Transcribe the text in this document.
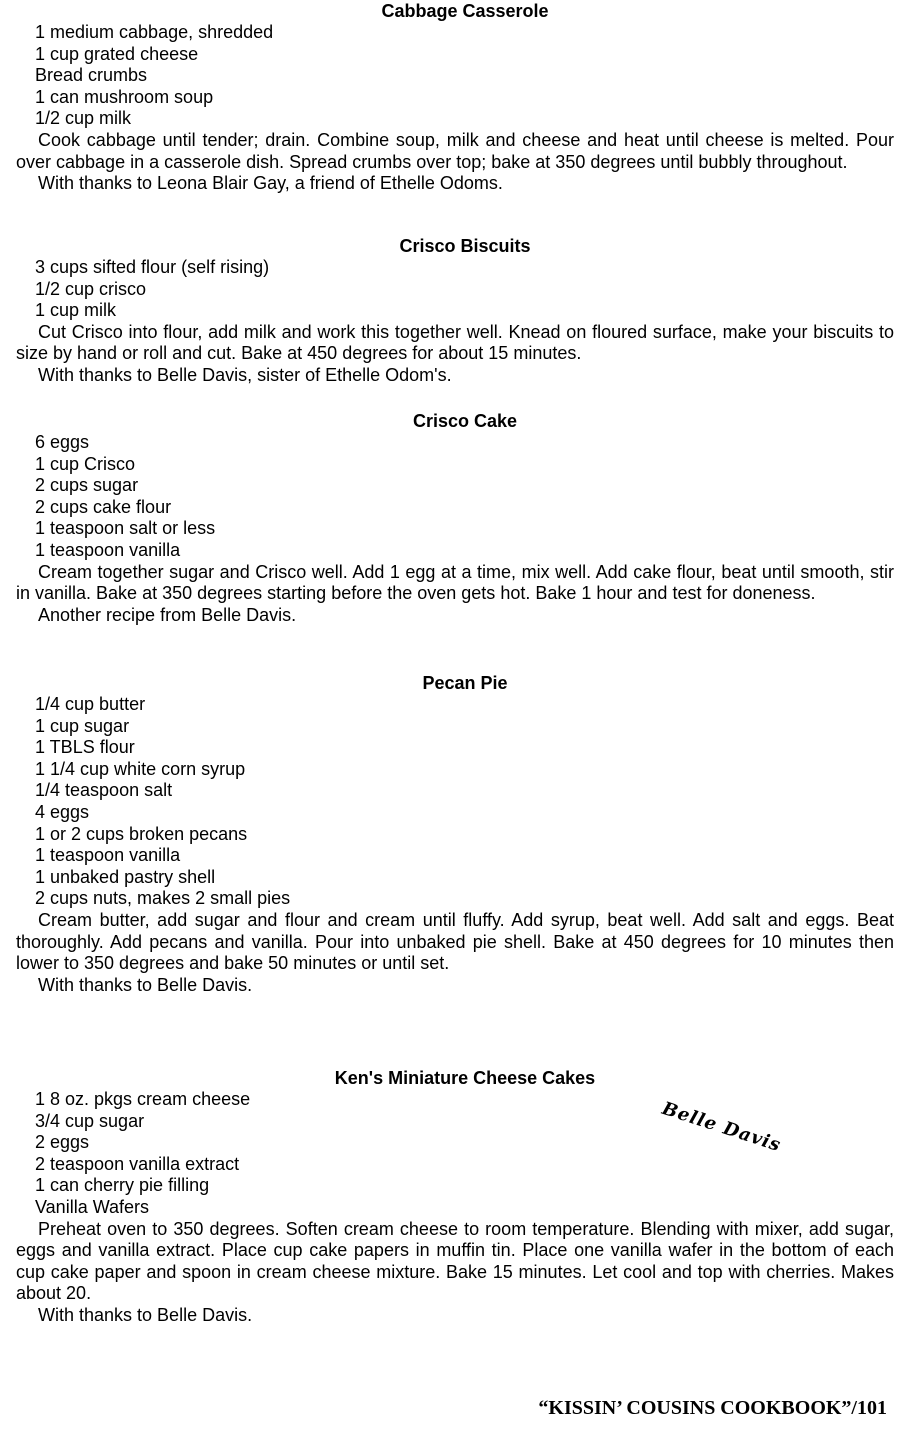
Cabbage Casserole
1 medium cabbage, shredded
1 cup grated cheese
Bread crumbs
1 can mushroom soup
1/2 cup milk
Cook cabbage until tender; drain. Combine soup, milk and cheese and heat until cheese is melted. Pour over cabbage in a casserole dish. Spread crumbs over top; bake at 350 degrees until bubbly throughout.
With thanks to Leona Blair Gay, a friend of Ethelle Odoms.
Crisco Biscuits
3 cups sifted flour (self rising)
1/2 cup crisco
1 cup milk
Cut Crisco into flour, add milk and work this together well. Knead on floured surface, make your biscuits to size by hand or roll and cut. Bake at 450 degrees for about 15 minutes.
With thanks to Belle Davis, sister of Ethelle Odom's.
Crisco Cake
6 eggs
1 cup Crisco
2 cups sugar
2 cups cake flour
1 teaspoon salt or less
1 teaspoon vanilla
Cream together sugar and Crisco well. Add 1 egg at a time, mix well. Add cake flour, beat until smooth, stir in vanilla. Bake at 350 degrees starting before the oven gets hot. Bake 1 hour and test for doneness.
Another recipe from Belle Davis.
Pecan Pie
1/4 cup butter
1 cup sugar
1 TBLS flour
1 1/4 cup white corn syrup
1/4 teaspoon salt
4 eggs
1 or 2 cups broken pecans
1 teaspoon vanilla
1 unbaked pastry shell
2 cups nuts, makes 2 small pies
Cream butter, add sugar and flour and cream until fluffy. Add syrup, beat well. Add salt and eggs. Beat thoroughly. Add pecans and vanilla. Pour into unbaked pie shell. Bake at 450 degrees for 10 minutes then lower to 350 degrees and bake 50 minutes or until set.
With thanks to Belle Davis.
Ken's Miniature Cheese Cakes
1 8 oz. pkgs cream cheese
3/4 cup sugar
2 eggs
2 teaspoon vanilla extract
1 can cherry pie filling
Vanilla Wafers
Preheat oven to 350 degrees. Soften cream cheese to room temperature. Blending with mixer, add sugar, eggs and vanilla extract. Place cup cake papers in muffin tin. Place one vanilla wafer in the bottom of each cup cake paper and spoon in cream cheese mixture. Bake 15 minutes. Let cool and top with cherries. Makes about 20.
With thanks to Belle Davis.
Belle Davis
“KISSIN’ COUSINS COOKBOOK”/101
